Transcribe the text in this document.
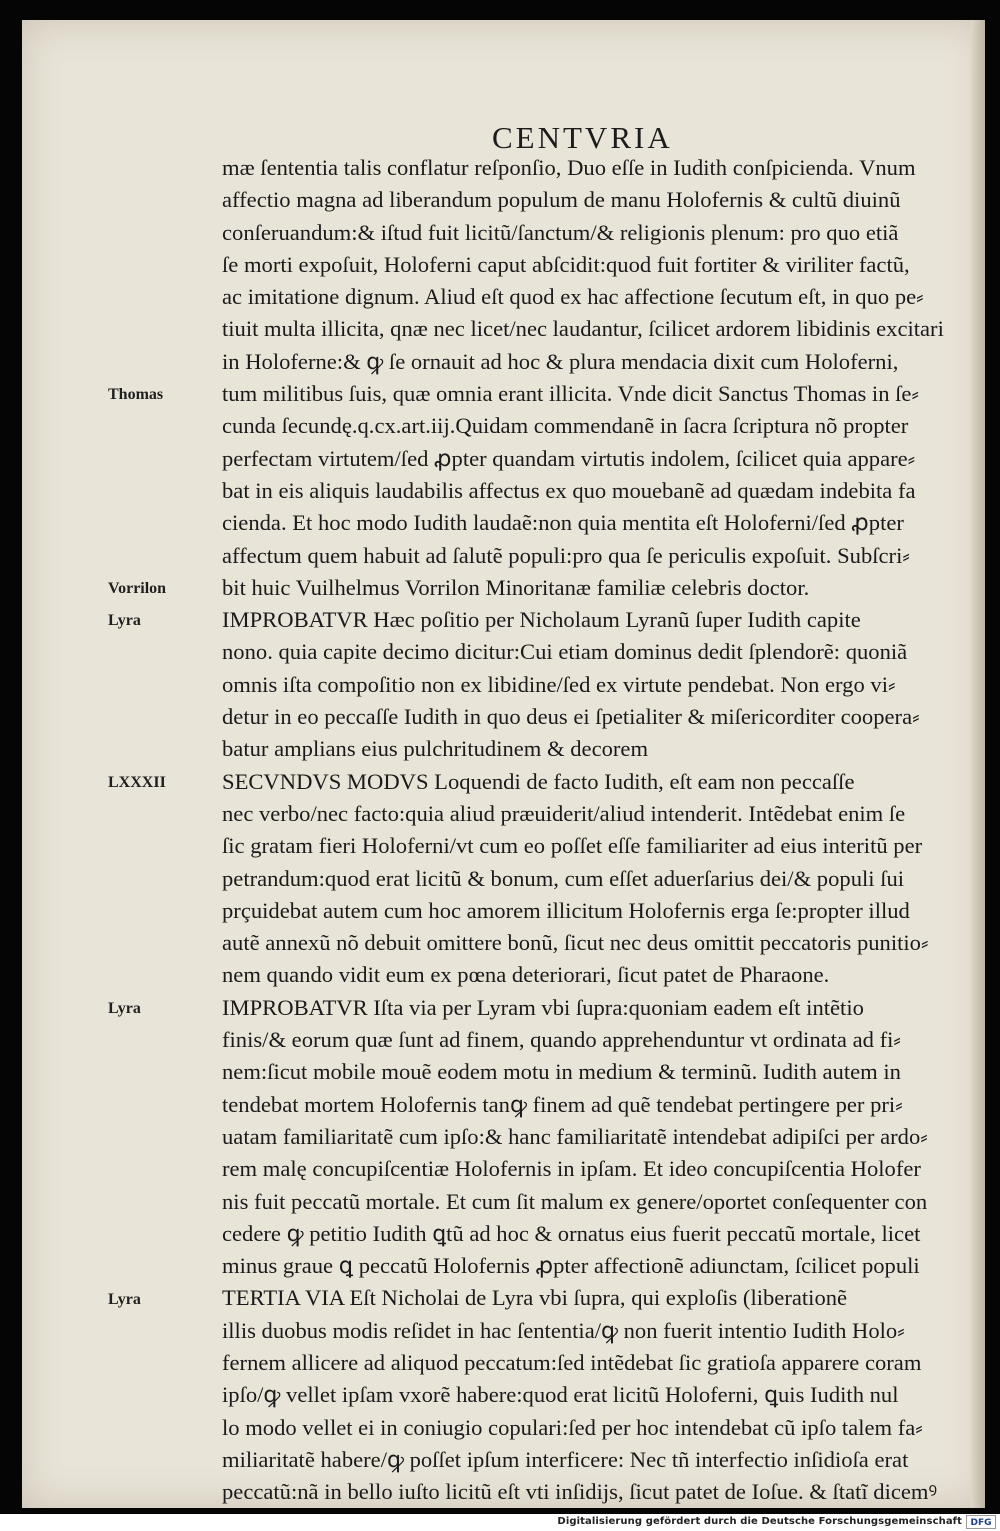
CENTVRIA
mæ ſententia talis conflatur reſponſio, Duo eſſe in Iudith conſpicienda. Vnum
affectio magna ad liberandum populum de manu Holofernis & cultũ diuinũ
conſeruandum:& iſtud fuit licitũ/ſanctum/& religionis plenum: pro quo etiã
ſe morti expoſuit, Holoferni caput abſcidit:quod fuit fortiter & viriliter factũ,
ac imitatione dignum. Aliud eſt quod ex hac affectione ſecutum eſt, in quo pe⸗
tiuit multa illicita, qnæ nec licet/nec laudantur, ſcilicet ardorem libidinis excitari
in Holoferne:& ꝙ ſe ornauit ad hoc & plura mendacia dixit cum Holoferni,
tum militibus ſuis, quæ omnia erant illicita. Vnde dicit Sanctus Thomas in ſe⸗
cunda ſecundę.q.cx.art.iij.Quidam commendanẽ in ſacra ſcriptura nõ propter
perfectam virtutem/ſed ꝓpter quandam virtutis indolem, ſcilicet quia appare⸗
bat in eis aliquis laudabilis affectus ex quo mouebanẽ ad quædam indebita fa
cienda. Et hoc modo Iudith laudaẽ:non quia mentita eſt Holoferni/ſed ꝓpter
affectum quem habuit ad ſalutẽ populi:pro qua ſe periculis expoſuit. Subſcri⸗
bit huic Vuilhelmus Vorrilon Minoritanæ familiæ celebris doctor.
IMPROBATVR Hæc poſitio per Nicholaum Lyranũ ſuper Iudith capite
nono. quia capite decimo dicitur:Cui etiam dominus dedit ſplendorẽ: quoniã
omnis iſta compoſitio non ex libidine/ſed ex virtute pendebat. Non ergo vi⸗
detur in eo peccaſſe Iudith in quo deus ei ſpetialiter & miſericorditer coopera⸗
batur amplians eius pulchritudinem & decorem
SECVNDVS MODVS Loquendi de facto Iudith, eſt eam non peccaſſe
nec verbo/nec facto:quia aliud præuiderit/aliud intenderit. Intẽdebat enim ſe
ſic gratam fieri Holoferni/vt cum eo poſſet eſſe familiariter ad eius interitũ per
petrandum:quod erat licitũ & bonum, cum eſſet aduerſarius dei/& populi ſui
prçuidebat autem cum hoc amorem illicitum Holofernis erga ſe:propter illud
autẽ annexũ nõ debuit omittere bonũ, ſicut nec deus omittit peccatoris punitio⸗
nem quando vidit eum ex pœna deteriorari, ſicut patet de Pharaone.
IMPROBATVR Iſta via per Lyram vbi ſupra:quoniam eadem eſt intẽtio
finis/& eorum quæ ſunt ad finem, quando apprehenduntur vt ordinata ad fi⸗
nem:ſicut mobile mouẽ eodem motu in medium & terminũ. Iudith autem in
tendebat mortem Holofernis tanꝙ finem ad quẽ tendebat pertingere per pri⸗
uatam familiaritatẽ cum ipſo:& hanc familiaritatẽ intendebat adipiſci per ardo⸗
rem malę concupiſcentiæ Holofernis in ipſam. Et ideo concupiſcentia Holofer
nis fuit peccatũ mortale. Et cum ſit malum ex genere/oportet conſequenter con
cedere ꝙ petitio Iudith ꝗtũ ad hoc & ornatus eius fuerit peccatũ mortale, licet
minus graue ꝗ peccatũ Holofernis ꝓpter affectionẽ adiunctam, ſcilicet populi
TERTIA VIA Eſt Nicholai de Lyra vbi ſupra, qui exploſis (liberationẽ
illis duobus modis reſidet in hac ſententia/ꝙ non fuerit intentio Iudith Holo⸗
fernem allicere ad aliquod peccatum:ſed intẽdebat ſic gratioſa apparere coram
ipſo/ꝙ vellet ipſam vxorẽ habere:quod erat licitũ Holoferni, ꝗuis Iudith nul
lo modo vellet ei in coniugio copulari:ſed per hoc intendebat cũ ipſo talem fa⸗
miliaritatẽ habere/ꝙ poſſet ipſum interficere: Nec tñ interfectio inſidioſa erat
peccatũ:nã in bello iuſto licitũ eſt vti inſidijs, ſicut patet de Ioſue. & ſtatĩ dicemꝰ
Thomas
Vorrilon
Lyra
LXXXII
Lyra
Lyra
Digitalisierung gefördert durch die Deutsche Forschungsgemeinschaft DFG
